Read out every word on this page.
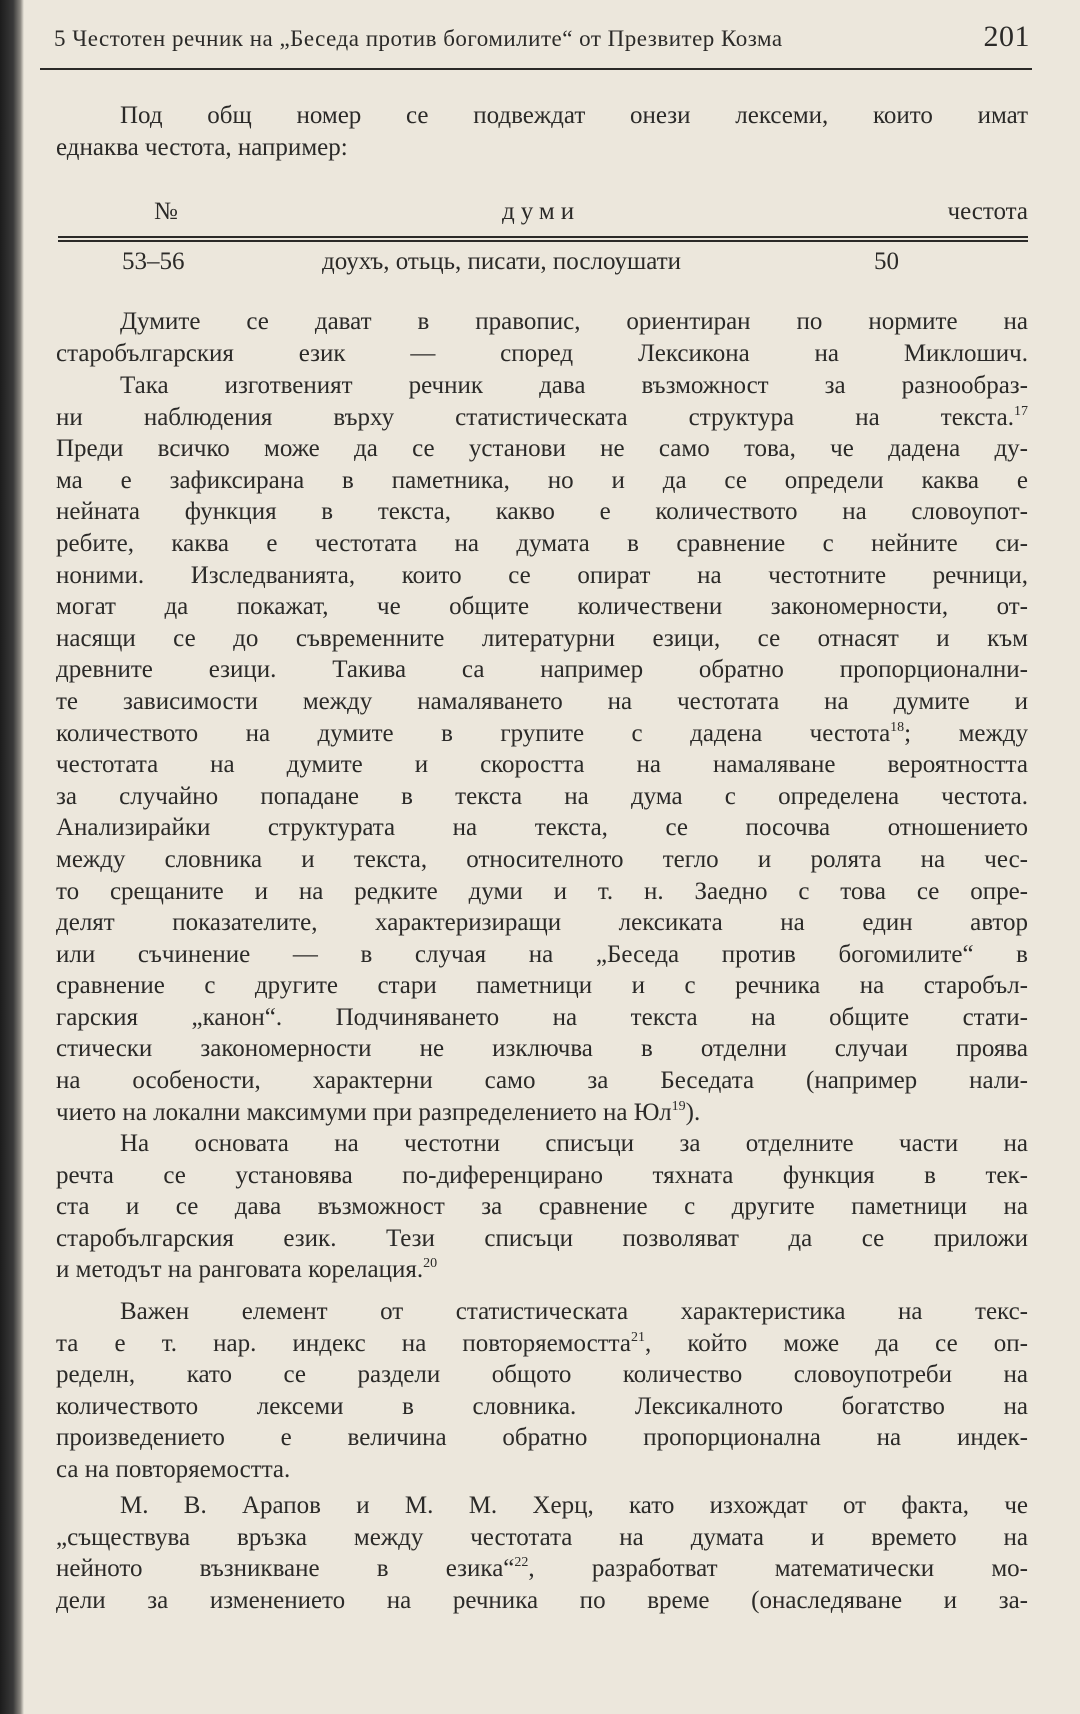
5 Честотен речник на „Беседа против богомилите“ от Презвитер Козма	201
Под общ номер се подвеждат онези лексеми, които имат
еднаква честота, например:
№	думи	честота
53–56	доухъ, отьць, писати, послоушати	50
Думите се дават в правопис, ориентиран по нормите на
старобългарския език — според Лексикона на Миклошич.
Така изготвеният речник дава възможност за разнообраз-
ни наблюдения върху статистическата структура на текста.$^{17}$
Преди всичко може да се установи не само това, че дадена ду-
ма е зафиксирана в паметника, но и да се определи каква е
нейната функция в текста, какво е количеството на словоупот-
ребите, каква е честотата на думата в сравнение с нейните си-
ноними. Изследванията, които се опират на честотните речници,
могат да покажат, че общите количествени закономерности, от-
насящи се до съвременните литературни езици, се отнасят и към
древните езици. Такива са например обратно пропорционални-
те зависимости между намаляването на честотата на думите и
количеството на думите в групите с дадена честота$^{18}$; между
честотата на думите и скоростта на намаляване вероятността
за случайно попадане в текста на дума с определена честота.
Анализирайки структурата на текста, се посочва отношението
между словника и текста, относителното тегло и ролята на чес-
то срещаните и на редките думи и т. н. Заедно с това се опре-
делят показателите, характеризиращи лексиката на един автор
или съчинение — в случая на „Беседа против богомилите“ в
сравнение с другите стари паметници и с речника на старобъл-
гарския „канон“. Подчиняването на текста на общите стати-
стически закономерности не изключва в отделни случаи проява
на особености, характерни само за Беседата (например нали-
чието на локални максимуми при разпределението на $Юл^{19}$).
На основата на честотни списъци за отделните части на
речта се установява по-диференцирано тяхната функция в тек-
ста и се дава възможност за сравнение с другите паметници на
старобългарския език. Тези списъци позволяват да се приложи
и методът на ранговата корелация.$^{20}$
Важен елемент от статистическата характеристика на текс-
та е т. нар. индекс на повторяемостта$^{21}$, който може да се оп-
ределн, като се раздели общото количество словоупотреби на
количеството лексеми в словника. Лексикалното богатство на
произведението е величина обратно пропорционална на индек-
са на повторяемостта.
М. В. Арапов и М. М. Херц, като изхождат от факта, че
„съществува връзка между честотата на думата и времето на
нейното възникване в езика“$^{22}$, разработват математически мо-
дели за изменението на речника по време (онаследяване и за-
